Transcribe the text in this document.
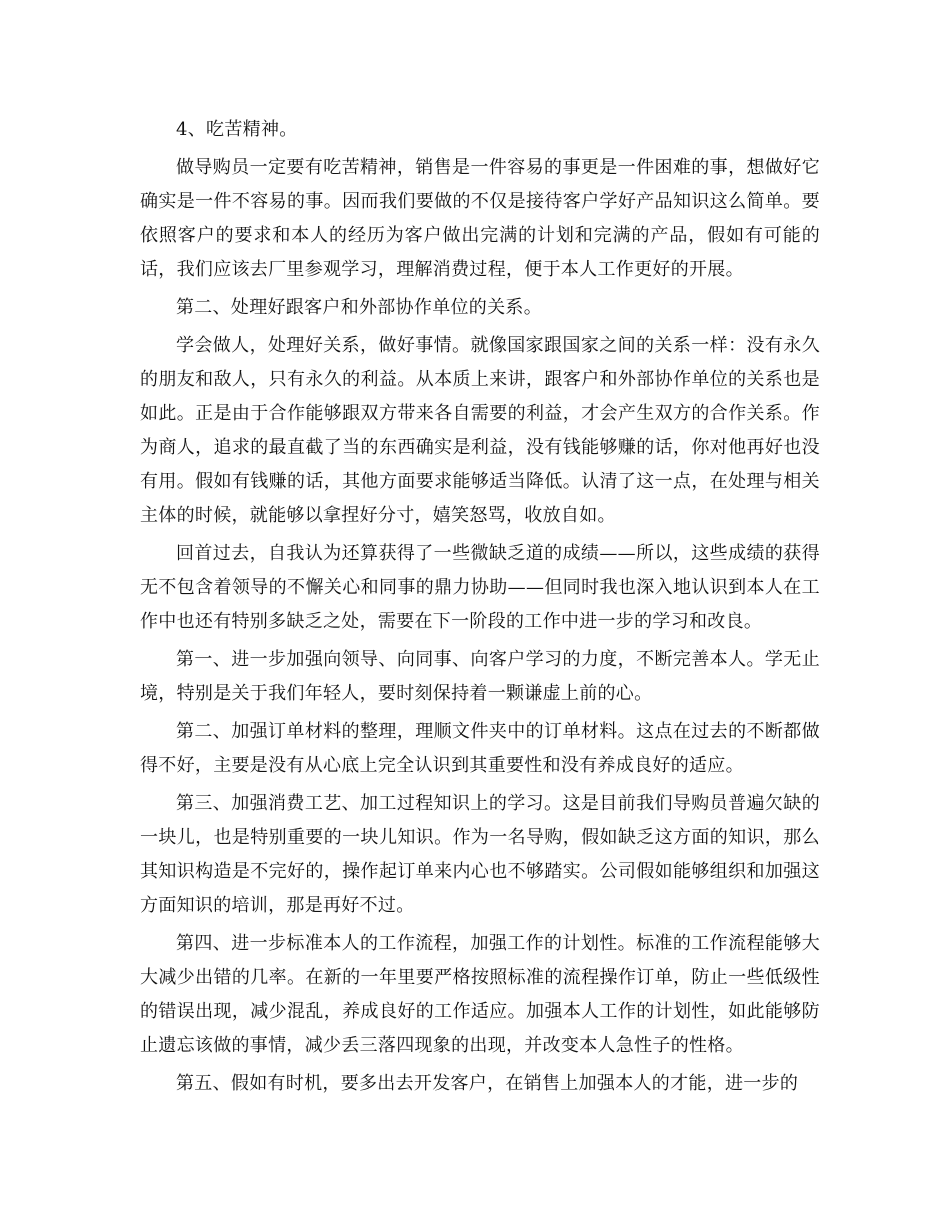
4、吃苦精神。

做导购员一定要有吃苦精神，销售是一件容易的事更是一件困难的事，想做好它确实是一件不容易的事。因而我们要做的不仅是接待客户学好产品知识这么简单。要依照客户的要求和本人的经历为客户做出完满的计划和完满的产品，假如有可能的话，我们应该去厂里参观学习，理解消费过程，便于本人工作更好的开展。

第二、处理好跟客户和外部协作单位的关系。

学会做人，处理好关系，做好事情。就像国家跟国家之间的关系一样：没有永久的朋友和敌人，只有永久的利益。从本质上来讲，跟客户和外部协作单位的关系也是如此。正是由于合作能够跟双方带来各自需要的利益，才会产生双方的合作关系。作为商人，追求的最直截了当的东西确实是利益，没有钱能够赚的话，你对他再好也没有用。假如有钱赚的话，其他方面要求能够适当降低。认清了这一点，在处理与相关主体的时候，就能够以拿捏好分寸，嬉笑怒骂，收放自如。

回首过去，自我认为还算获得了一些微缺乏道的成绩——所以，这些成绩的获得无不包含着领导的不懈关心和同事的鼎力协助——但同时我也深入地认识到本人在工作中也还有特别多缺乏之处，需要在下一阶段的工作中进一步的学习和改良。

第一、进一步加强向领导、向同事、向客户学习的力度，不断完善本人。学无止境，特别是关于我们年轻人，要时刻保持着一颗谦虚上前的心。

第二、加强订单材料的整理，理顺文件夹中的订单材料。这点在过去的不断都做得不好，主要是没有从心底上完全认识到其重要性和没有养成良好的适应。

第三、加强消费工艺、加工过程知识上的学习。这是目前我们导购员普遍欠缺的一块儿，也是特别重要的一块儿知识。作为一名导购，假如缺乏这方面的知识，那么其知识构造是不完好的，操作起订单来内心也不够踏实。公司假如能够组织和加强这方面知识的培训，那是再好不过。

第四、进一步标准本人的工作流程，加强工作的计划性。标准的工作流程能够大大减少出错的几率。在新的一年里要严格按照标准的流程操作订单，防止一些低级性的错误出现，减少混乱，养成良好的工作适应。加强本人工作的计划性，如此能够防止遗忘该做的事情，减少丢三落四现象的出现，并改变本人急性子的性格。

第五、假如有时机，要多出去开发客户，在销售上加强本人的才能，进一步的
